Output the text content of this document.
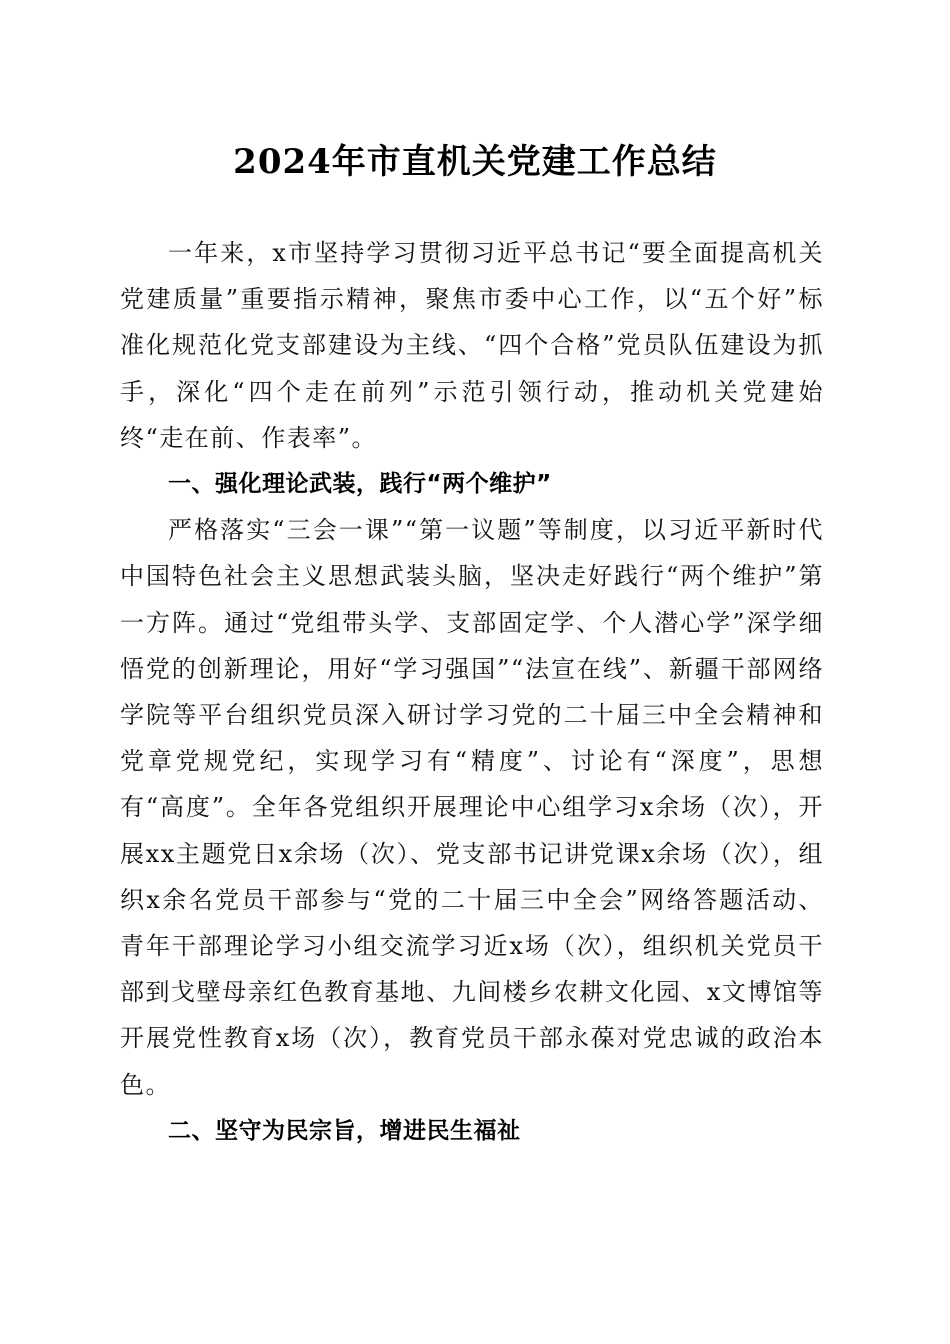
2024年市直机关党建工作总结

一年来，x市坚持学习贯彻习近平总书记“要全面提高机关党建质量”重要指示精神，聚焦市委中心工作，以“五个好”标准化规范化党支部建设为主线、“四个合格”党员队伍建设为抓手，深化“四个走在前列”示范引领行动，推动机关党建始终“走在前、作表率”。

一、强化理论武装，践行“两个维护”

严格落实“三会一课”“第一议题”等制度，以习近平新时代中国特色社会主义思想武装头脑，坚决走好践行“两个维护”第一方阵。通过“党组带头学、支部固定学、个人潜心学”深学细悟党的创新理论，用好“学习强国”“法宣在线”、新疆干部网络学院等平台组织党员深入研讨学习党的二十届三中全会精神和党章党规党纪，实现学习有“精度”、讨论有“深度”，思想有“高度”。全年各党组织开展理论中心组学习x余场（次），开展xx主题党日x余场（次）、党支部书记讲党课x余场（次），组织x余名党员干部参与“党的二十届三中全会”网络答题活动、青年干部理论学习小组交流学习近x场（次），组织机关党员干部到戈壁母亲红色教育基地、九间楼乡农耕文化园、x文博馆等开展党性教育x场（次），教育党员干部永葆对党忠诚的政治本色。

二、坚守为民宗旨，增进民生福祉
